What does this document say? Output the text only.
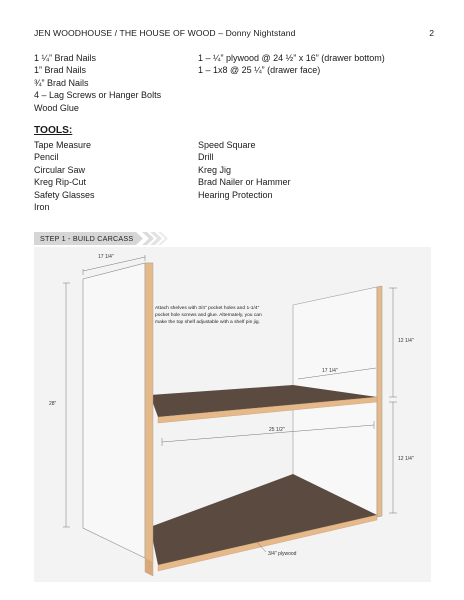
JEN WOODHOUSE / THE HOUSE OF WOOD – Donny Nightstand	2
1 ¼” Brad Nails
1” Brad Nails
¾” Brad Nails
4 – Lag Screws or Hanger Bolts
Wood Glue
1 – ¼” plywood @ 24 ½” x 16” (drawer bottom)
1 – 1x8 @ 25 ¼” (drawer face)
TOOLS:
Tape Measure
Pencil
Circular Saw
Kreg Rip-Cut
Safety Glasses
Iron
Speed Square
Drill
Kreg Jig
Brad Nailer or Hammer
Hearing Protection
STEP 1 - BUILD CARCASS
Attach shelves with 3/4" pocket holes and 1-1/4" pocket hole screws and glue. Alternately, you can make the top shelf adjustable with a shelf pin jig.
17 1/4"
28"
17 1/4"
25 1/2"
12 1/4"
12 1/4"
3/4" plywood
